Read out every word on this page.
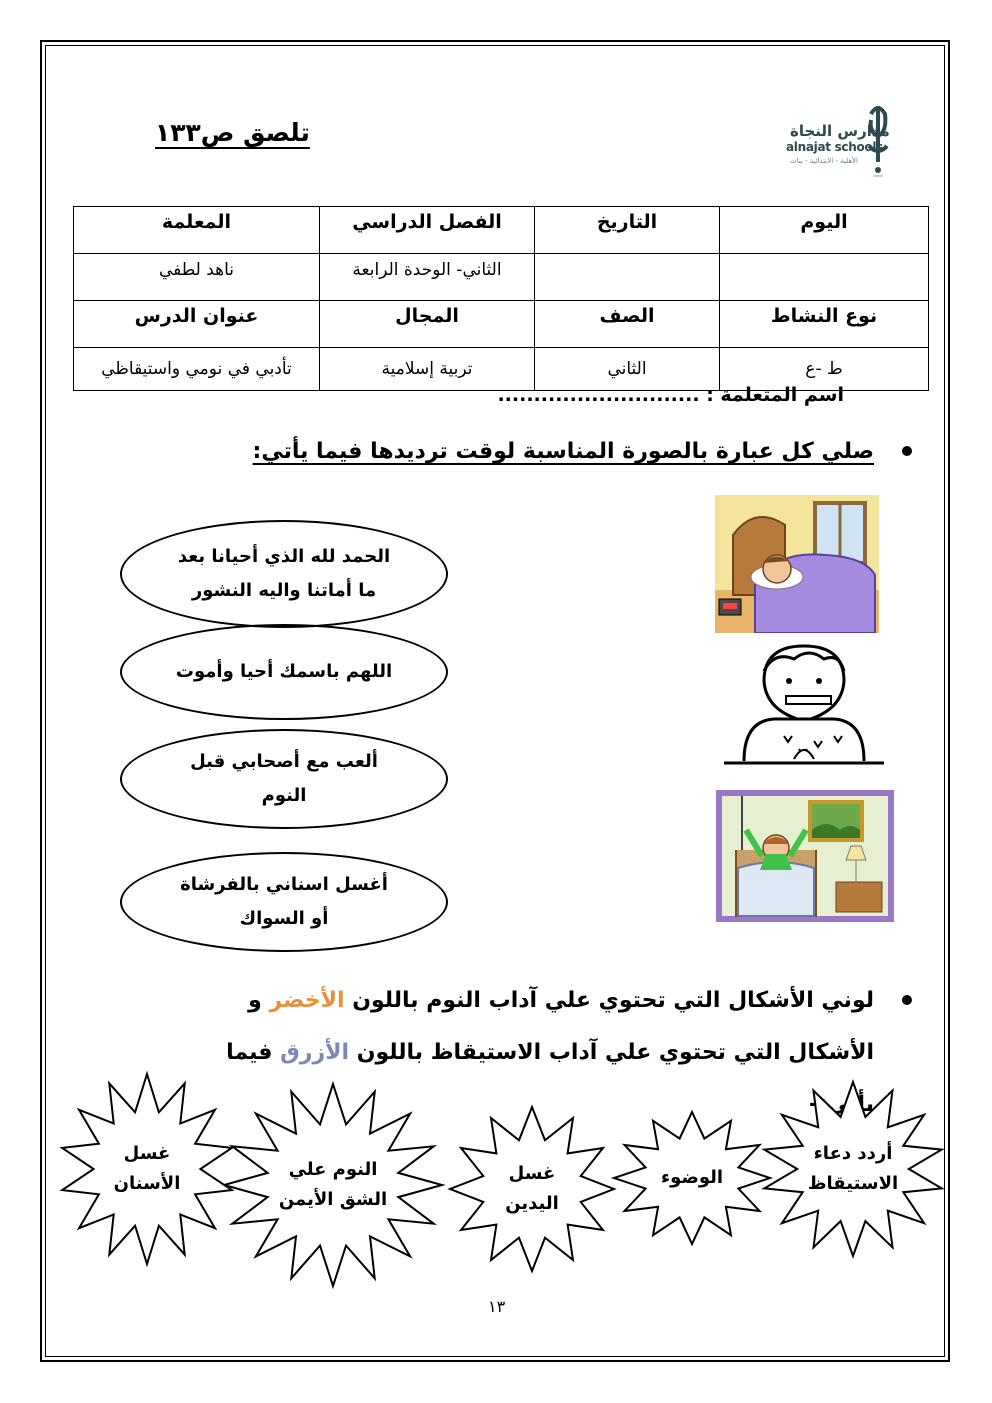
تلصق ص١٣٣	مدارس النجاة
alnajat schools
الأهلية - الابتدائية - بنات
اليوم	التاريخ	الفصل الدراسي	المعلمة
		الثاني- الوحدة الرابعة	ناهد لطفي
نوع النشاط	الصف	المجال	عنوان الدرس
ط -ع	الثاني	تربية إسلامية	تأدبي في نومي واستيقاظي
اسم المتعلمة : ............................
صلي كل عبارة بالصورة المناسبة لوقت ترديدها فيما يأتي:
الحمد لله الذي أحيانا بعد
ما أماتنا واليه النشور
اللهم باسمك أحيا وأموت
ألعب مع أصحابي قبل
النوم
أغسل اسناني بالفرشاة
أو السواك
لوني الأشكال التي تحتوي علي آداب النوم باللون الأخضر و الأشكال التي تحتوي علي آداب الاستيقاظ باللون الأزرق فيما يأتي:-
أردد دعاء
الاستيقاظ
الوضوء
غسل
اليدين
النوم علي
الشق الأيمن
غسل
الأسنان
١٣
